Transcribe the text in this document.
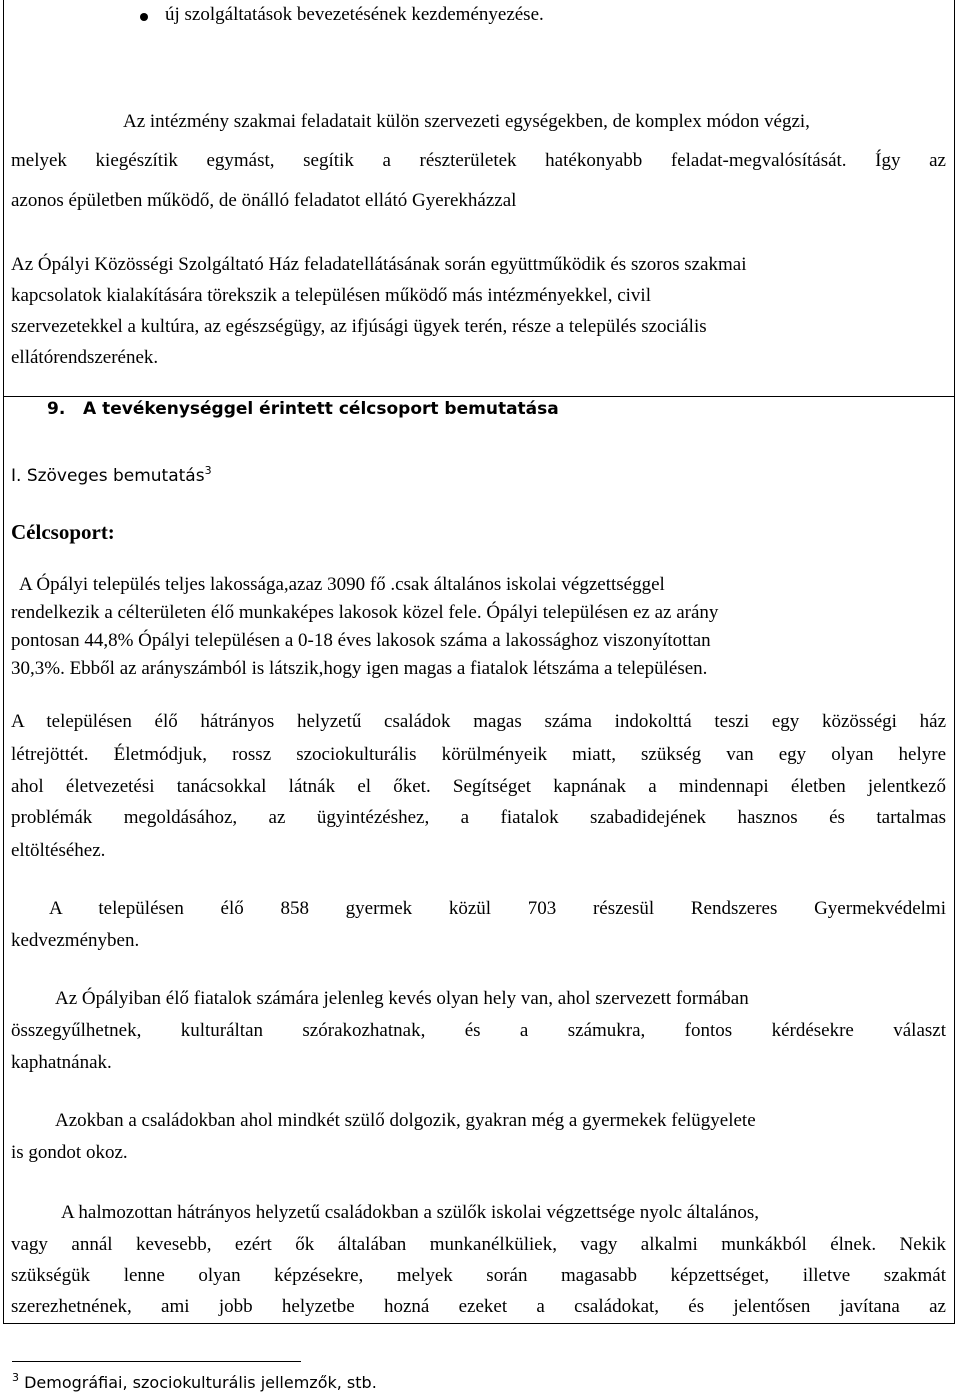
új szolgáltatások bevezetésének kezdeményezése.
Az intézmény szakmai feladatait külön szervezeti egységekben, de komplex módon végzi,
melyek kiegészítik egymást, segítik a részterületek hatékonyabb feladat-megvalósítását. Így az
azonos épületben működő, de önálló feladatot ellátó Gyerekházzal
Az Ópályi Közösségi Szolgáltató Ház feladatellátásának során együttműködik és szoros szakmai
kapcsolatok kialakítására törekszik a településen működő más intézményekkel, civil
szervezetekkel a kultúra, az egészségügy, az ifjúsági ügyek terén, része a település szociális
ellátórendszerének.
9. A tevékenységgel érintett célcsoport bemutatása
I. Szöveges bemutatás$^3$
Célcsoport:
A Ópályi település teljes lakossága,azaz 3090 fő .csak általános iskolai végzettséggel
rendelkezik a célterületen élő munkaképes lakosok közel fele. Ópályi településen ez az arány
pontosan 44,8% Ópályi településen a 0-18 éves lakosok száma a lakossághoz viszonyítottan
30,3%. Ebből az arányszámból is látszik,hogy igen magas a fiatalok létszáma a településen.
A településen élő hátrányos helyzetű családok magas száma indokolttá teszi egy közösségi ház
létrejöttét. Életmódjuk, rossz szociokulturális körülményeik miatt, szükség van egy olyan helyre
ahol életvezetési tanácsokkal látnák el őket. Segítséget kapnának a mindennapi életben jelentkező
problémák megoldásához, az ügyintézéshez, a fiatalok szabadidejének hasznos és tartalmas
eltöltéséhez.
A településen élő 858 gyermek közül 703 részesül Rendszeres Gyermekvédelmi
kedvezményben.
Az Ópályiban élő fiatalok számára jelenleg kevés olyan hely van, ahol szervezett formában
összegyűlhetnek, kulturáltan szórakozhatnak, és a számukra, fontos kérdésekre választ
kaphatnának.
Azokban a családokban ahol mindkét szülő dolgozik, gyakran még a gyermekek felügyelete
is gondot okoz.
A halmozottan hátrányos helyzetű családokban a szülők iskolai végzettsége nyolc általános,
vagy annál kevesebb, ezért ők általában munkanélküliek, vagy alkalmi munkákból élnek. Nekik
szükségük lenne olyan képzésekre, melyek során magasabb képzettséget, illetve szakmát
szerezhetnének, ami jobb helyzetbe hozná ezeket a családokat, és jelentősen javítana az
$^3$ Demográfiai, szociokulturális jellemzők, stb.
